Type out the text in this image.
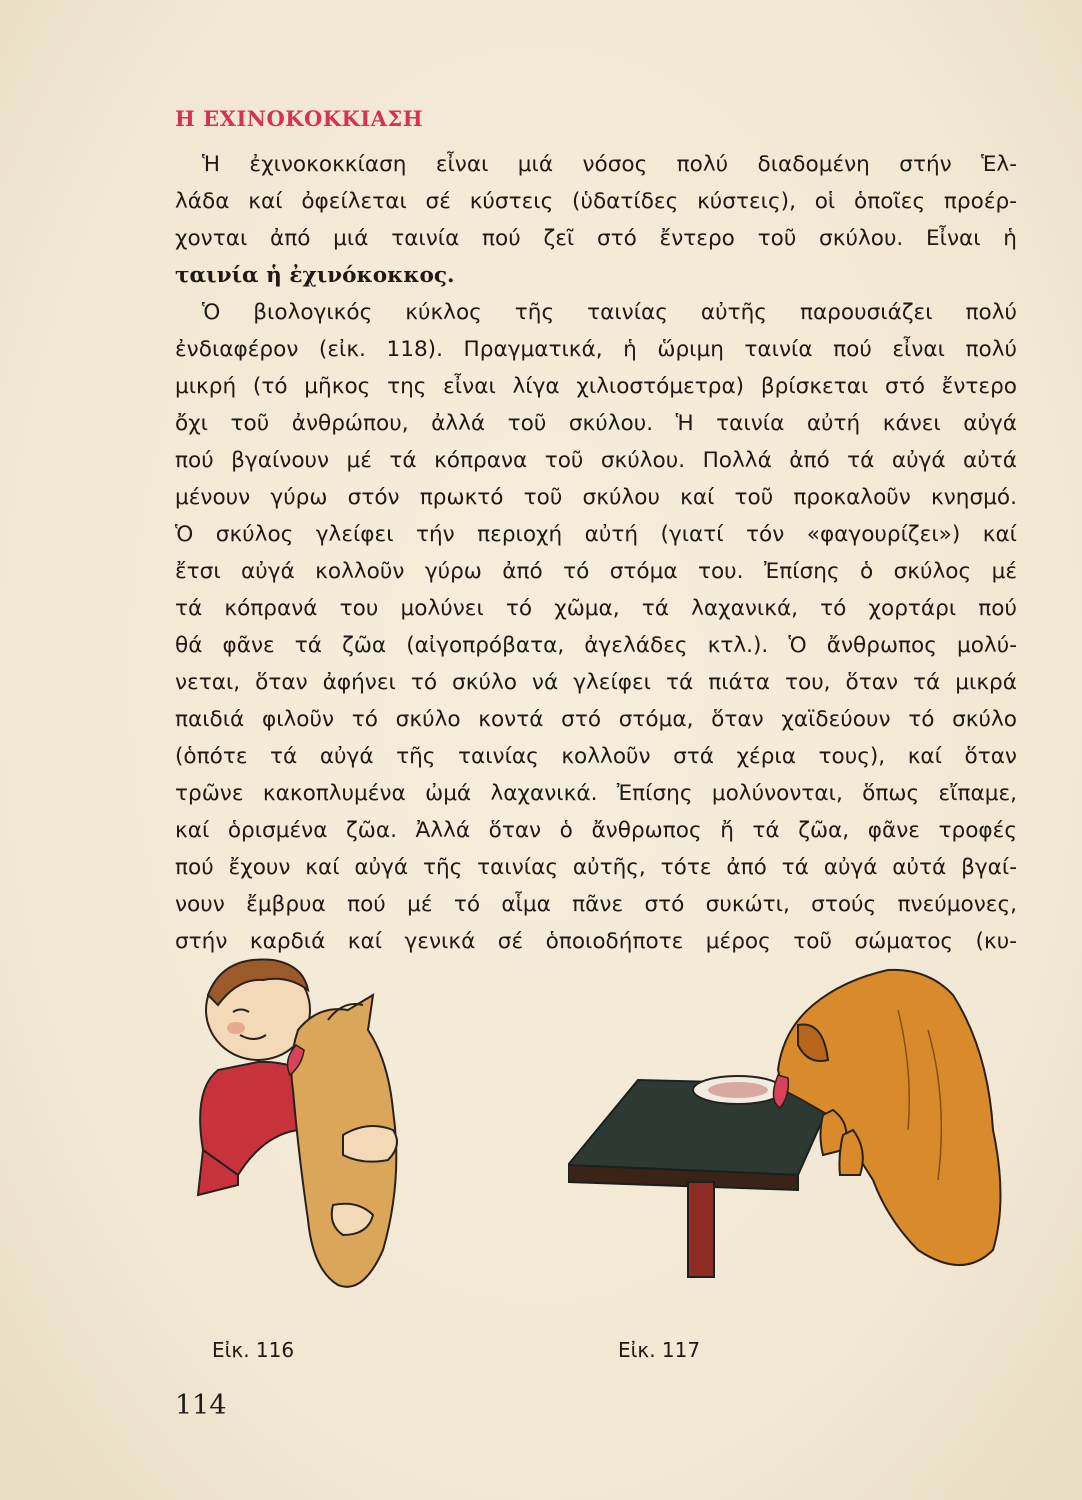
Η ΕΧΙΝΟΚΟΚΚΙΑΣΗ
Ἡ ἐχινοκοκκίαση εἶναι μιά νόσος πολύ διαδομένη στήν Ἑλ-
λάδα καί ὀφείλεται σέ κύστεις (ὑδατίδες κύστεις), οἱ ὁποῖες προέρ-
χονται ἀπό μιά ταινία πού ζεῖ στό ἔντερο τοῦ σκύλου. Εἶναι ἡ
ταινία ἡ ἐχινόκοκκος.
Ὁ βιολογικός κύκλος τῆς ταινίας αὐτῆς παρουσιάζει πολύ
ἐνδιαφέρον (εἰκ. 118). Πραγματικά, ἡ ὥριμη ταινία πού εἶναι πολύ
μικρή (τό μῆκος της εἶναι λίγα χιλιοστόμετρα) βρίσκεται στό ἔντερο
ὄχι τοῦ ἀνθρώπου, ἀλλά τοῦ σκύλου. Ἡ ταινία αὐτή κάνει αὐγά
πού βγαίνουν μέ τά κόπρανα τοῦ σκύλου. Πολλά ἀπό τά αὐγά αὐτά
μένουν γύρω στόν πρωκτό τοῦ σκύλου καί τοῦ προκαλοῦν κνησμό.
Ὁ σκύλος γλείφει τήν περιοχή αὐτή (γιατί τόν «φαγουρίζει») καί
ἔτσι αὐγά κολλοῦν γύρω ἀπό τό στόμα του. Ἐπίσης ὁ σκύλος μέ
τά κόπρανά του μολύνει τό χῶμα, τά λαχανικά, τό χορτάρι πού
θά φᾶνε τά ζῶα (αἰγοπρόβατα, ἀγελάδες κτλ.). Ὁ ἄνθρωπος μολύ-
νεται, ὅταν ἀφήνει τό σκύλο νά γλείφει τά πιάτα του, ὅταν τά μικρά
παιδιά φιλοῦν τό σκύλο κοντά στό στόμα, ὅταν χαϊδεύουν τό σκύλο
(ὁπότε τά αὐγά τῆς ταινίας κολλοῦν στά χέρια τους), καί ὅταν
τρῶνε κακοπλυμένα ὠμά λαχανικά. Ἐπίσης μολύνονται, ὅπως εἴπαμε,
καί ὁρισμένα ζῶα. Ἀλλά ὅταν ὁ ἄνθρωπος ἤ τά ζῶα, φᾶνε τροφές
πού ἔχουν καί αὐγά τῆς ταινίας αὐτῆς, τότε ἀπό τά αὐγά αὐτά βγαί-
νουν ἔμβρυα πού μέ τό αἷμα πᾶνε στό συκώτι, στούς πνεύμονες,
στήν καρδιά καί γενικά σέ ὁποιοδήποτε μέρος τοῦ σώματος (κυ-
Εἰκ. 116	Εἰκ. 117
114
